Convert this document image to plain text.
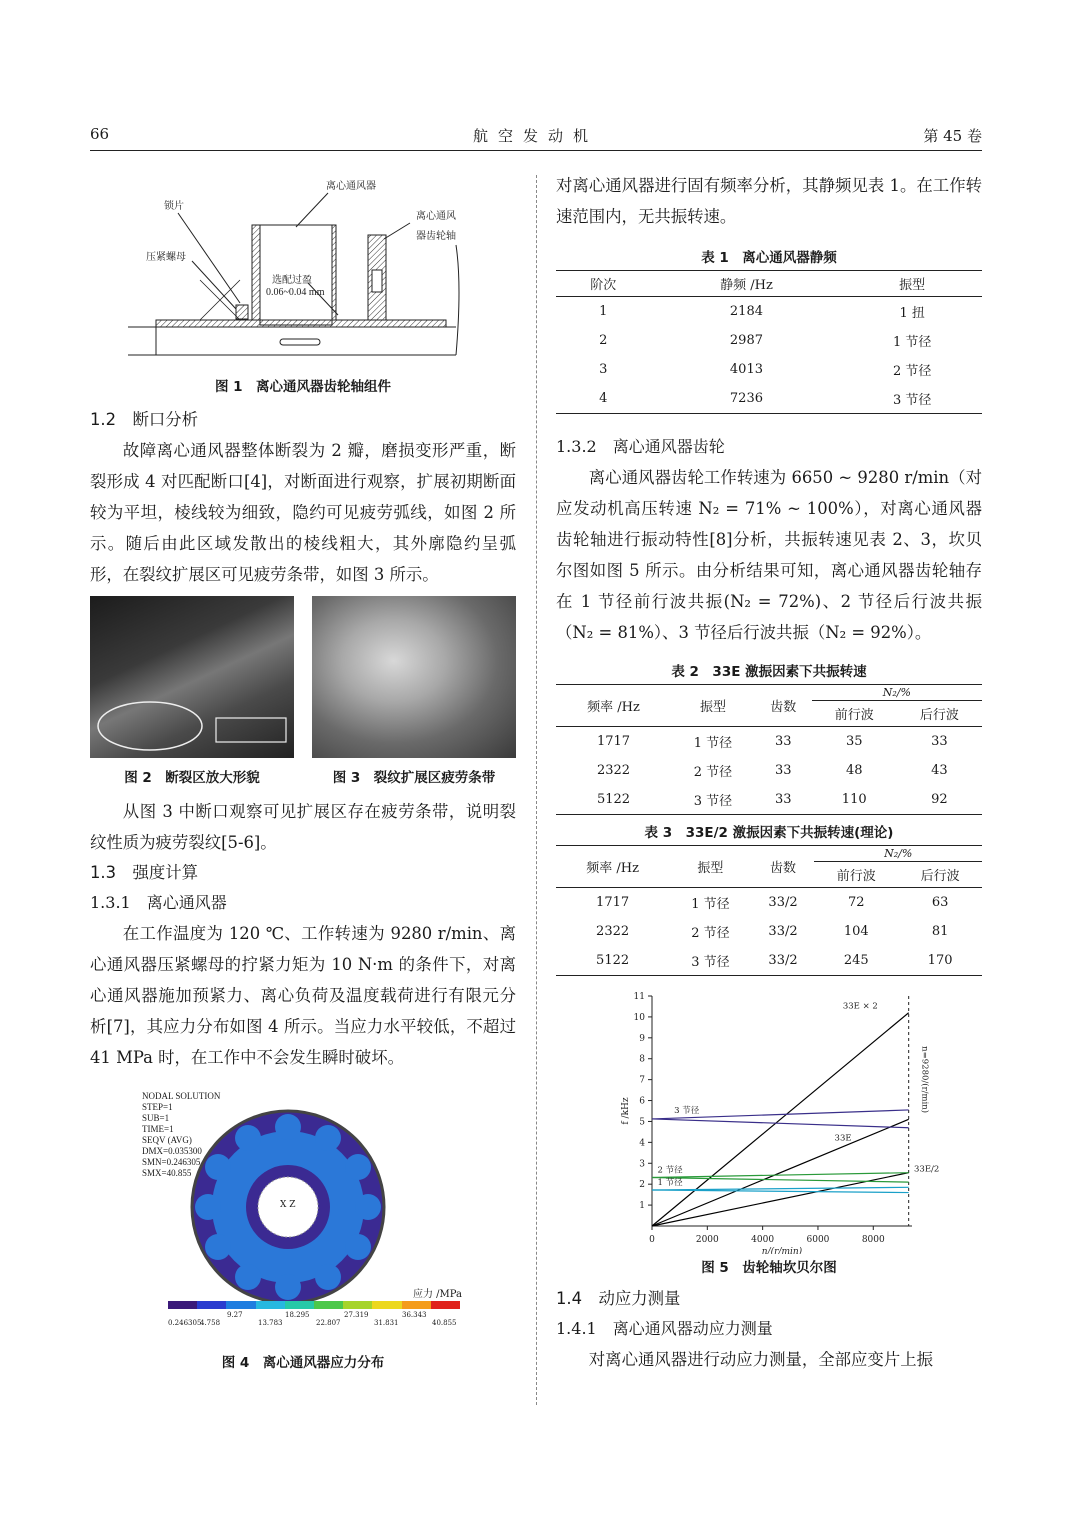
66	航空发动机	第 45 卷
离心通风器
锁片
离心通风
器齿轮轴
压紧螺母
选配过盈
0.06~0.04 mm
图 1　离心通风器齿轮轴组件
1.2　断口分析

故障离心通风器整体断裂为 2 瓣，磨损变形严重，断裂形成 4 对匹配断口[4]，对断面进行观察，扩展初期断面较为平坦，棱线较为细致，隐约可见疲劳弧线，如图 2 所示。随后由此区域发散出的棱线粗大，其外廓隐约呈弧形，在裂纹扩展区可见疲劳条带，如图 3 所示。

图 2　断裂区放大形貌	图 3　裂纹扩展区疲劳条带

从图 3 中断口观察可见扩展区存在疲劳条带，说明裂纹性质为疲劳裂纹[5-6]。

1.3　强度计算
1.3.1　离心通风器

在工作温度为 120 ℃、工作转速为 9280 r/min、离心通风器压紧螺母的拧紧力矩为 10 N·m 的条件下，对离心通风器施加预紧力、离心负荷及温度载荷进行有限元分析[7]，其应力分布如图 4 所示。当应力水平较低，不超过 41 MPa 时，在工作中不会发生瞬时破坏。

NODAL SOLUTION
STEP=1
SUB=1
TIME=1
SEQV (AVG)
DMX=0.035300
SMN=0.246305
SMX=40.855
X Z
应力 /MPa
9.27	18.295	27.319	36.343
0.246305
4.758	13.783	22.807	31.831	40.855
图 4　离心通风器应力分布

对离心通风器进行固有频率分析，其静频见表 1。在工作转速范围内，无共振转速。

表 1　离心通风器静频
阶次	静频 /Hz	振型
1	2184	1 扭
2	2987	1 节径
3	4013	2 节径
4	7236	3 节径
1.3.2　离心通风器齿轮

离心通风器齿轮工作转速为 6650 ~ 9280 r/min（对应发动机高压转速 N₂ = 71% ~ 100%），对离心通风器齿轮轴进行振动特性[8]分析，共振转速见表 2、3，坎贝尔图如图 5 所示。由分析结果可知，离心通风器齿轮轴存在 1 节径前行波共振(N₂ = 72%)、2 节径后行波共振（N₂ = 81%）、3 节径后行波共振（N₂ = 92%）。

表 2　33E 激振因素下共振转速
频率 /Hz	振型	齿数	N₂/%	
			前行波	后行波
1717	1 节径	33	35	33
2322	2 节径	33	48	43
5122	3 节径	33	110	92
表 3　33E/2 激振因素下共振转速(理论)
频率 /Hz	振型	齿数	N₂/%	
			前行波	后行波
1717	1 节径	33/2	72	63
2322	2 节径	33/2	104	81
5122	3 节径	33/2	245	170
1
2
3
4
5
6
7
8
9
10
11
0	2000	4000	6000	8000
n/(r/min)
f /kHz
33E × 2
33E
33E/2
3 节径
2 节径
1 节径
n=9280/(r/min)
图 5　齿轮轴坎贝尔图
1.4　动应力测量
1.4.1　离心通风器动应力测量

对离心通风器进行动应力测量，全部应变片上振
